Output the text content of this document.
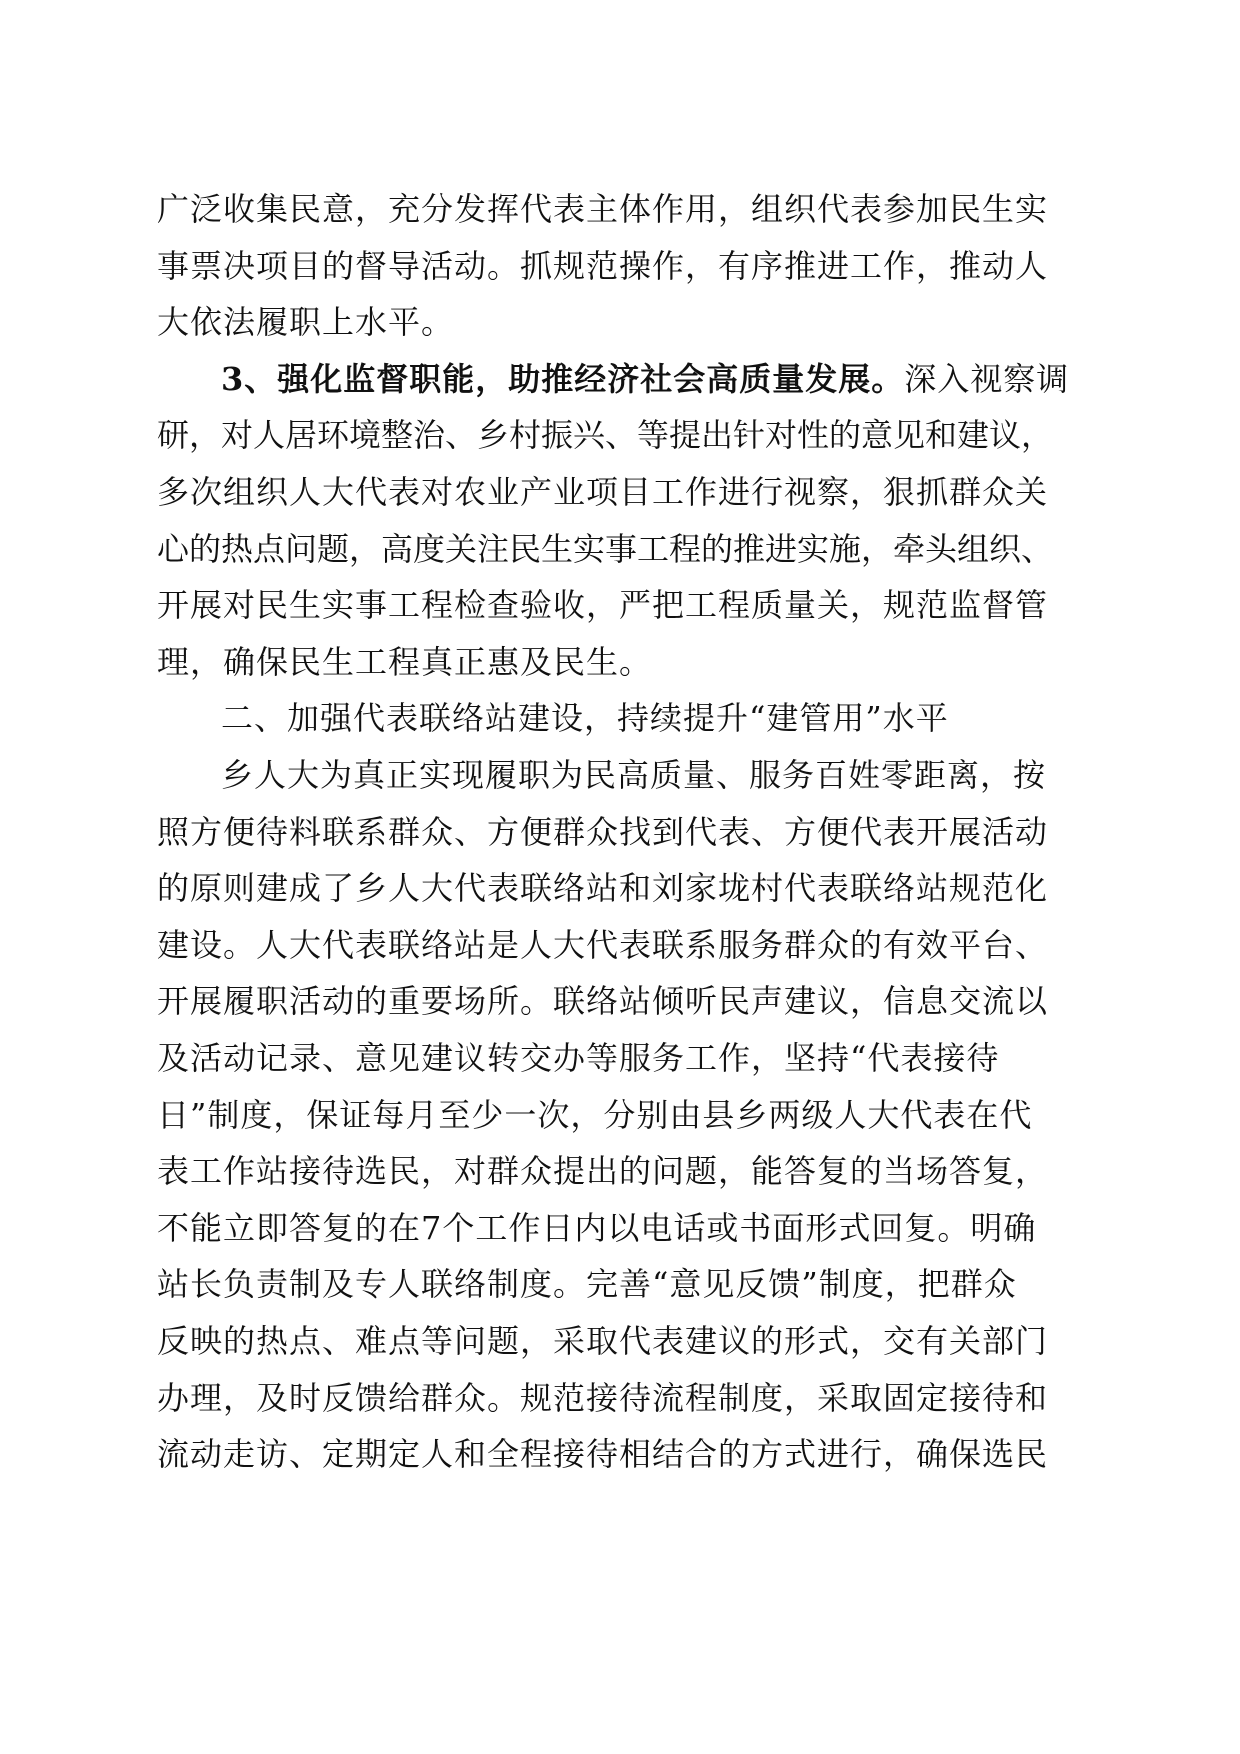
广泛收集民意，充分发挥代表主体作用，组织代表参加民生实
事票决项目的督导活动。抓规范操作，有序推进工作，推动人
大依法履职上水平。
3、强化监督职能，助推经济社会高质量发展。深入视察调
研，对人居环境整治、乡村振兴、等提出针对性的意见和建议，
多次组织人大代表对农业产业项目工作进行视察，狠抓群众关
心的热点问题，高度关注民生实事工程的推进实施，牵头组织、
开展对民生实事工程检查验收，严把工程质量关，规范监督管
理，确保民生工程真正惠及民生。
二、加强代表联络站建设，持续提升“建管用”水平
乡人大为真正实现履职为民高质量、服务百姓零距离，按
照方便待料联系群众、方便群众找到代表、方便代表开展活动
的原则建成了乡人大代表联络站和刘家垅村代表联络站规范化
建设。人大代表联络站是人大代表联系服务群众的有效平台、
开展履职活动的重要场所。联络站倾听民声建议，信息交流以
及活动记录、意见建议转交办等服务工作，坚持“代表接待
日”制度，保证每月至少一次，分别由县乡两级人大代表在代
表工作站接待选民，对群众提出的问题，能答复的当场答复，
不能立即答复的在7个工作日内以电话或书面形式回复。明确
站长负责制及专人联络制度。完善“意见反馈”制度，把群众
反映的热点、难点等问题，采取代表建议的形式，交有关部门
办理，及时反馈给群众。规范接待流程制度，采取固定接待和
流动走访、定期定人和全程接待相结合的方式进行，确保选民
